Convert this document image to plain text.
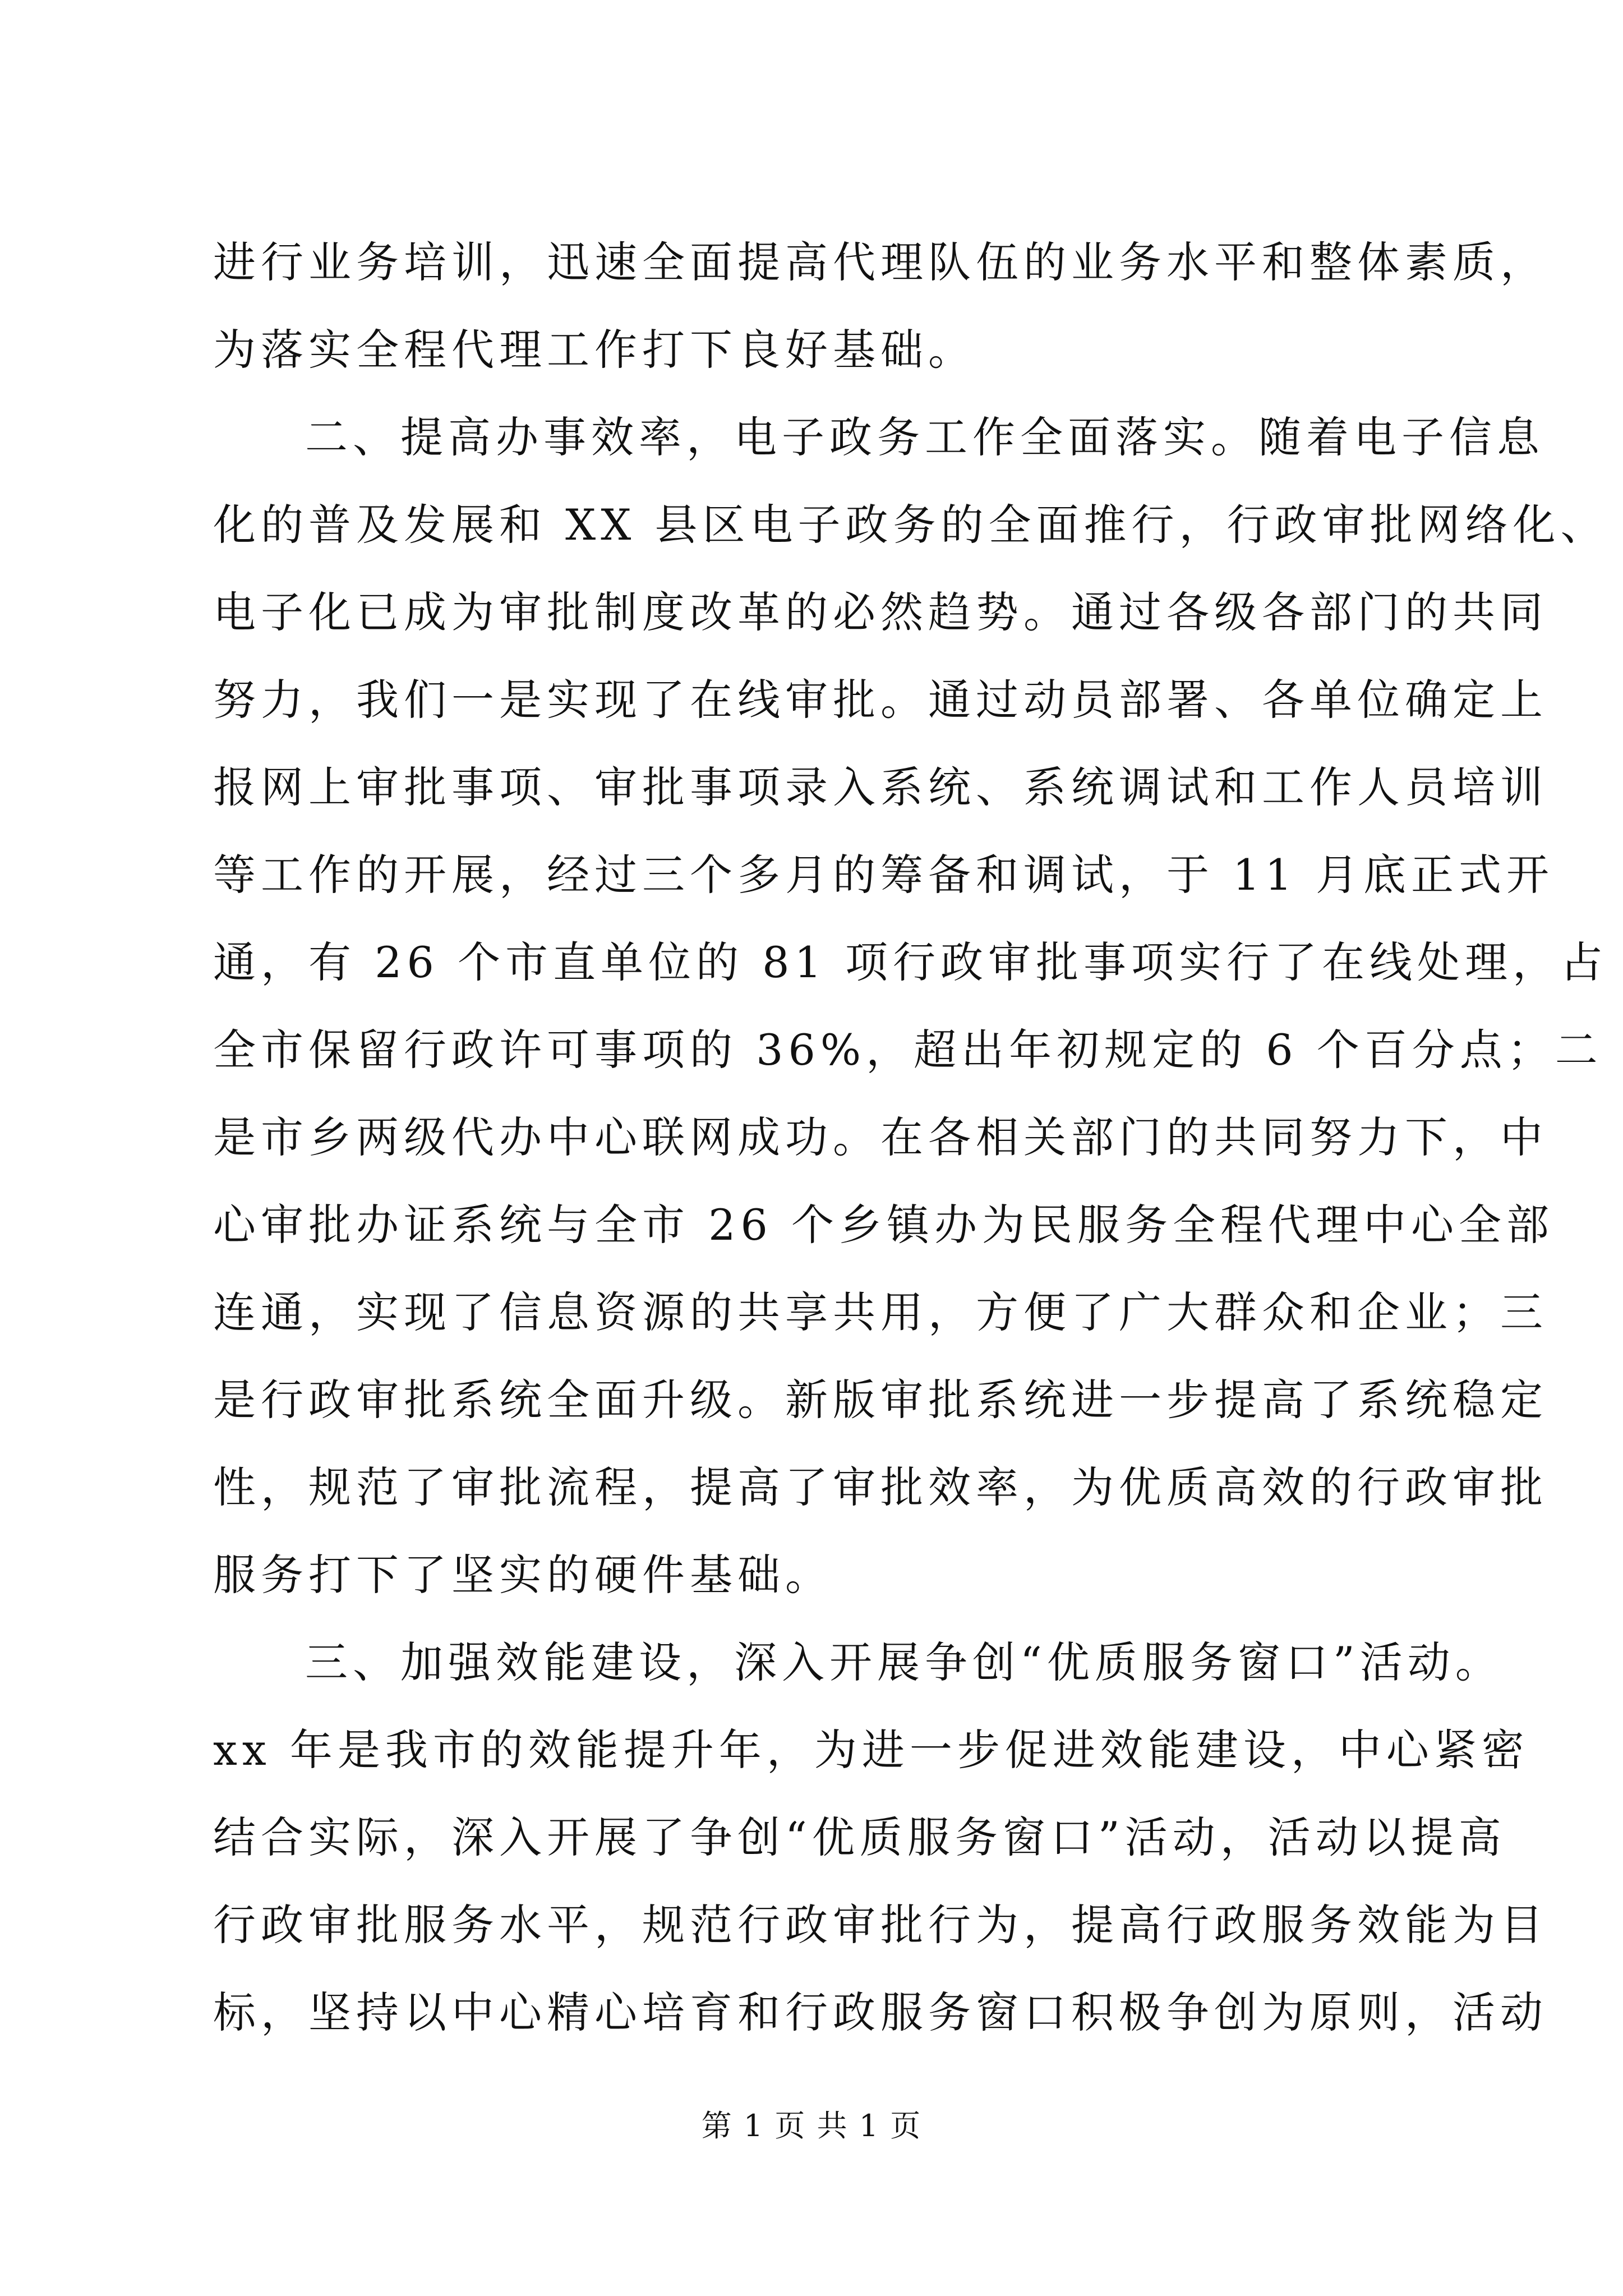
进行业务培训，迅速全面提高代理队伍的业务水平和整体素质，
为落实全程代理工作打下良好基础。
二、提高办事效率，电子政务工作全面落实。随着电子信息
化的普及发展和 XX 县区电子政务的全面推行，行政审批网络化、
电子化已成为审批制度改革的必然趋势。通过各级各部门的共同
努力，我们一是实现了在线审批。通过动员部署、各单位确定上
报网上审批事项、审批事项录入系统、系统调试和工作人员培训
等工作的开展，经过三个多月的筹备和调试，于 11 月底正式开
通，有 26 个市直单位的 81 项行政审批事项实行了在线处理，占
全市保留行政许可事项的 36%，超出年初规定的 6 个百分点；二
是市乡两级代办中心联网成功。在各相关部门的共同努力下，中
心审批办证系统与全市 26 个乡镇办为民服务全程代理中心全部
连通，实现了信息资源的共享共用，方便了广大群众和企业；三
是行政审批系统全面升级。新版审批系统进一步提高了系统稳定
性，规范了审批流程，提高了审批效率，为优质高效的行政审批
服务打下了坚实的硬件基础。
三、加强效能建设，深入开展争创“优质服务窗口”活动。
xx 年是我市的效能提升年，为进一步促进效能建设，中心紧密
结合实际，深入开展了争创“优质服务窗口”活动，活动以提高
行政审批服务水平，规范行政审批行为，提高行政服务效能为目
标，坚持以中心精心培育和行政服务窗口积极争创为原则，活动
第 1 页 共 1 页
